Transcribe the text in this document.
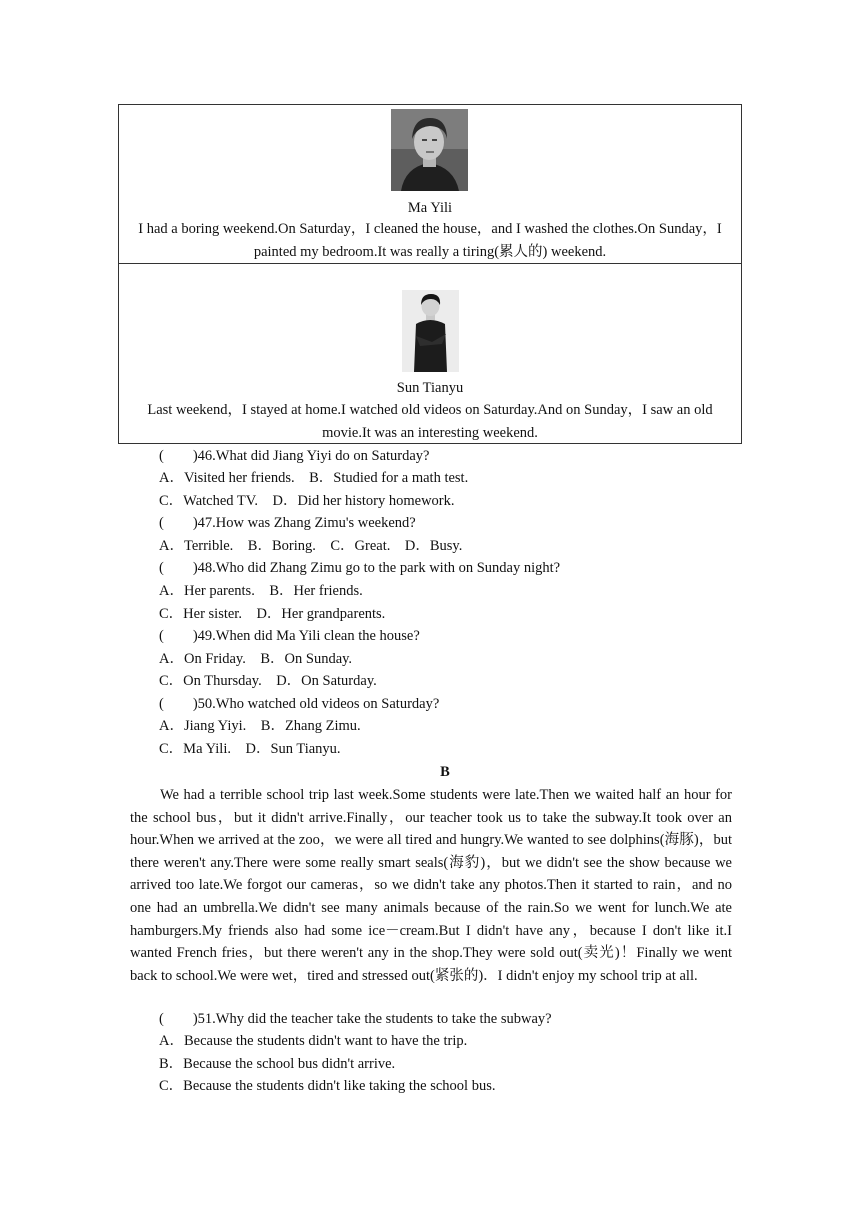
Ma Yili
I had a boring weekend.On Saturday，I cleaned the house，and I washed the clothes.On Sunday，I painted my bedroom.It was really a tiring(累人的) weekend.
Sun Tianyu
Last weekend，I stayed at home.I watched old videos on Saturday.And on Sunday，I saw an old movie.It was an interesting weekend.
(　　)46.What did Jiang Yiyi do on Saturday?
A．Visited her friends.　B．Studied for a math test.
C．Watched TV.　D．Did her history homework.
(　　)47.How was Zhang Zimu's weekend?
A．Terrible.　B．Boring.　C．Great.　D．Busy.
(　　)48.Who did Zhang Zimu go to the park with on Sunday night?
A．Her parents.　B．Her friends.
C．Her sister.　D．Her grandparents.
(　　)49.When did Ma Yili clean the house?
A．On Friday.　B．On Sunday.
C．On Thursday.　D．On Saturday.
(　　)50.Who watched old videos on Saturday?
A．Jiang Yiyi.　B．Zhang Zimu.
C．Ma Yili.　D．Sun Tianyu.
B
We had a terrible school trip last week.Some students were late.Then we waited half an hour for the school bus，but it didn't arrive.Finally，our teacher took us to take the subway.It took over an hour.When we arrived at the zoo，we were all tired and hungry.We wanted to see dolphins(海豚)，but there weren't any.There were some really smart seals(海豹)，but we didn't see the show because we arrived too late.We forgot our cameras，so we didn't take any photos.Then it started to rain，and no one had an umbrella.We didn't see many animals because of the rain.So we went for lunch.We ate hamburgers.My friends also had some ice－cream.But I didn't have any，because I don't like it.I wanted French fries，but there weren't any in the shop.They were sold out(卖光)！Finally we went back to school.We were wet，tired and stressed out(紧张的)．I didn't enjoy my school trip at all.
(　　)51.Why did the teacher take the students to take the subway?
A．Because the students didn't want to have the trip.
B．Because the school bus didn't arrive.
C．Because the students didn't like taking the school bus.
